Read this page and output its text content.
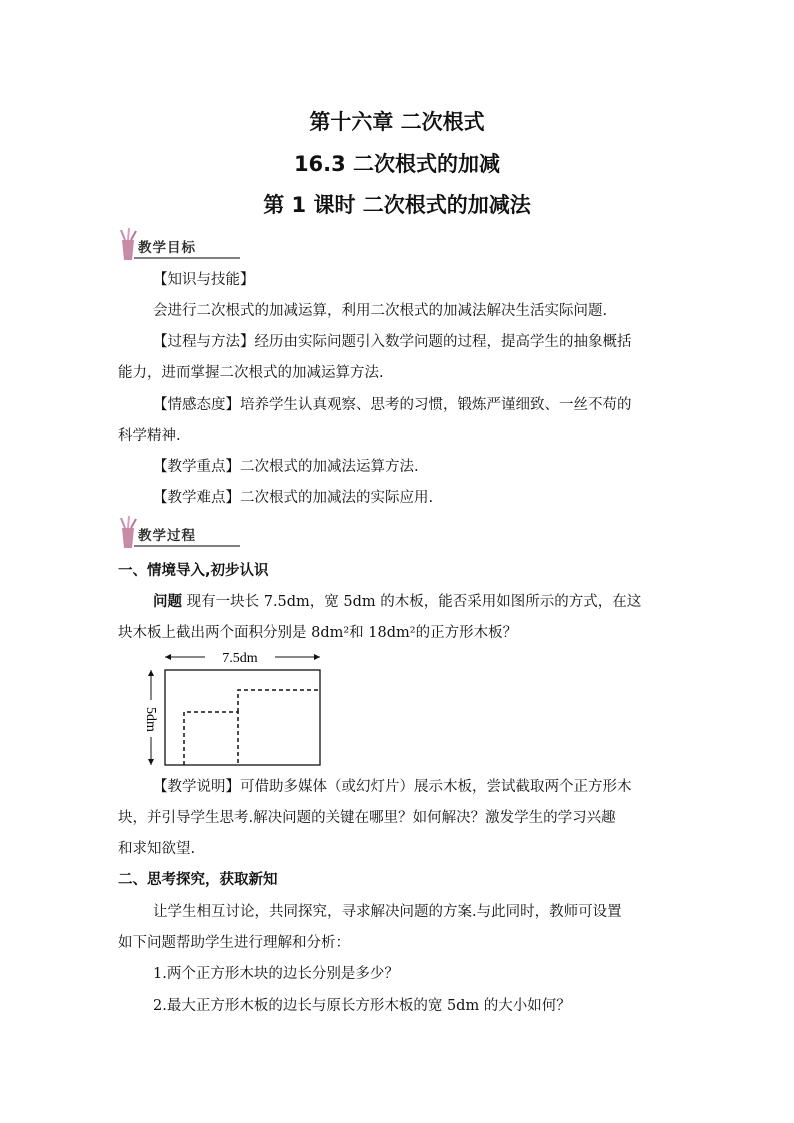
第十六章 二次根式
16.3 二次根式的加减
第 1 课时 二次根式的加减法
教学目标
【知识与技能】
会进行二次根式的加减运算，利用二次根式的加减法解决生活实际问题.
【过程与方法】经历由实际问题引入数学问题的过程，提高学生的抽象概括
能力，进而掌握二次根式的加减运算方法.
【情感态度】培养学生认真观察、思考的习惯，锻炼严谨细致、一丝不苟的
科学精神.
【教学重点】二次根式的加减法运算方法.
【教学难点】二次根式的加减法的实际应用.
教学过程
一、情境导入,初步认识
问题 现有一块长 7.5dm，宽 5dm 的木板，能否采用如图所示的方式，在这
块木板上截出两个面积分别是 8dm²和 18dm²的正方形木板？
7.5dm
5dm
【教学说明】可借助多媒体（或幻灯片）展示木板，尝试截取两个正方形木
块，并引导学生思考.解决问题的关键在哪里？如何解决？激发学生的学习兴趣
和求知欲望.
二、思考探究，获取新知
让学生相互讨论，共同探究，寻求解决问题的方案.与此同时，教师可设置
如下问题帮助学生进行理解和分析：
1.两个正方形木块的边长分别是多少？
2.最大正方形木板的边长与原长方形木板的宽 5dm 的大小如何？
